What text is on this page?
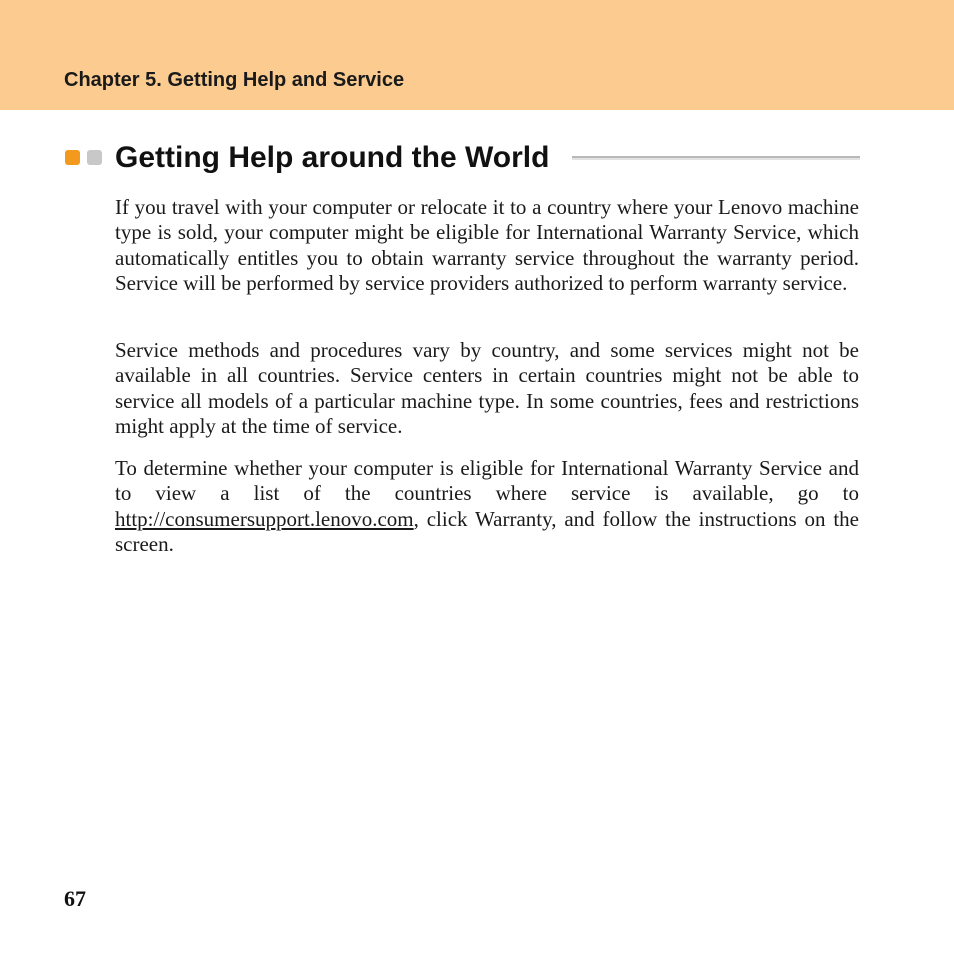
Chapter 5. Getting Help and Service

Getting Help around the World

If you travel with your computer or relocate it to a country where your Lenovo machine type is sold, your computer might be eligible for International Warranty Service, which automatically entitles you to obtain warranty service throughout the warranty period. Service will be performed by service providers authorized to perform warranty service.

Service methods and procedures vary by country, and some services might not be available in all countries. Service centers in certain countries might not be able to service all models of a particular machine type. In some countries, fees and restrictions might apply at the time of service.

To determine whether your computer is eligible for International Warranty Service and to view a list of the countries where service is available, go to http://consumersupport.lenovo.com, click Warranty, and follow the instructions on the screen.

67
